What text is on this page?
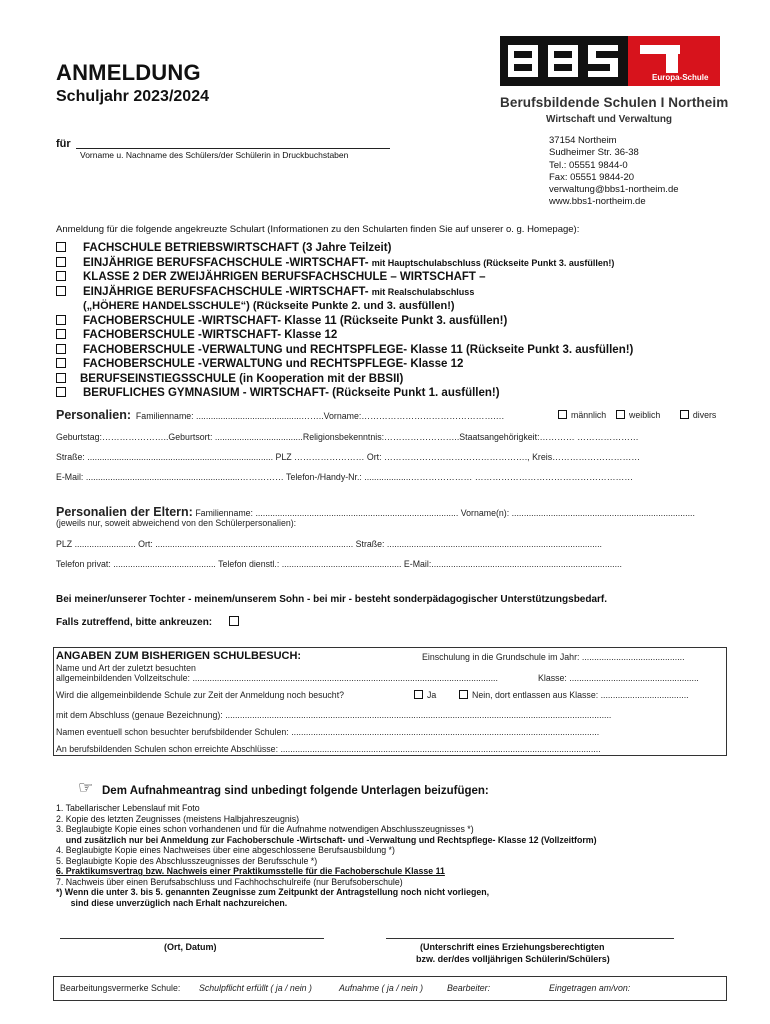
ANMELDUNG
Schuljahr 2023/2024
Europa-Schule
Berufsbildende Schulen I Northeim
Wirtschaft und Verwaltung
für
Vorname u. Nachname des Schülers/der Schülerin in Druckbuchstaben
37154 Northeim
Sudheimer Str. 36-38
Tel.: 05551 9844-0
Fax: 05551 9844-20
verwaltung@bbs1-northeim.de
www.bbs1-northeim.de
Anmeldung für die folgende angekreuzte Schulart (Informationen zu den Schularten finden Sie auf unserer o. g. Homepage):
FACHSCHULE BETRIEBSWIRTSCHAFT (3 Jahre Teilzeit)
EINJÄHRIGE BERUFSFACHSCHULE -WIRTSCHAFT- mit Hauptschulabschluss (Rückseite Punkt 3. ausfüllen!)
KLASSE 2 DER ZWEIJÄHRIGEN BERUFSFACHSCHULE – WIRTSCHAFT –
EINJÄHRIGE BERUFSFACHSCHULE -WIRTSCHAFT- mit Realschulabschluss
(„HÖHERE HANDELSSCHULE“) (Rückseite Punkte 2. und 3. ausfüllen!)
FACHOBERSCHULE -WIRTSCHAFT- Klasse 11 (Rückseite Punkt 3. ausfüllen!)
FACHOBERSCHULE -WIRTSCHAFT- Klasse 12
FACHOBERSCHULE -VERWALTUNG und RECHTSPFLEGE- Klasse 11 (Rückseite Punkt 3. ausfüllen!)
FACHOBERSCHULE -VERWALTUNG und RECHTSPFLEGE- Klasse 12
BERUFSEINSTIEGSSCHULE (in Kooperation mit der BBSII)
BERUFLICHES GYMNASIUM - WIRTSCHAFT- (Rückseite Punkt 1. ausfüllen!)
Personalien: Familienname: ...........................................……..Vorname:……………………………………….…	männlich	weiblich	divers
Geburtstag:…………………..Geburtsort: ....................................Religionsbekenntnis:……………………..Staatsangehörigkeit:………… …………………
Straße: ............................................................................ PLZ …………………… Ort: …………………………………………., Kreis…………………………
E-Mail: ...............................................................…………… Telefon-/Handy-Nr.: ...................………………… ………………………………………………
Personalien der Eltern: Familienname: ................................................................................... Vorname(n): ...........................................................................
(jeweils nur, soweit abweichend von den Schülerpersonalien):
PLZ ......................... Ort: ................................................................................. Straße: ........................................................................................
Telefon privat: .......................................... Telefon dienstl.: ................................................. E-Mail:..............................................................................
Bei meiner/unserer Tochter - meinem/unserem Sohn - bei mir - besteht sonderpädagogischer Unterstützungsbedarf.
Falls zutreffend, bitte ankreuzen:
ANGABEN ZUM BISHERIGEN SCHULBESUCH:	Einschulung in die Grundschule im Jahr: ..........................................
Name und Art der zuletzt besuchten
allgemeinbildenden Vollzeitschule: .............................................................................................................................	Klasse: .....................................................
Wird die allgemeinbildende Schule zur Zeit der Anmeldung noch besucht?	Ja	Nein, dort entlassen aus Klasse: ....................................
mit dem Abschluss (genaue Bezeichnung): ..............................................................................................................................................................
Namen eventuell schon besuchter berufsbildender Schulen: ..............................................................................................................................
An berufsbildenden Schulen schon erreichte Abschlüsse: ...................................................................................................................................
☞ Dem Aufnahmeantrag sind unbedingt folgende Unterlagen beizufügen:
1. Tabellarischer Lebenslauf mit Foto
2. Kopie des letzten Zeugnisses (meistens Halbjahreszeugnis)
3. Beglaubigte Kopie eines schon vorhandenen und für die Aufnahme notwendigen Abschlusszeugnisses *)
und zusätzlich nur bei Anmeldung zur Fachoberschule -Wirtschaft- und -Verwaltung und Rechtspflege- Klasse 12 (Vollzeitform)
4. Beglaubigte Kopie eines Nachweises über eine abgeschlossene Berufsausbildung *)
5. Beglaubigte Kopie des Abschlusszeugnisses der Berufsschule *)
6. Praktikumsvertrag bzw. Nachweis einer Praktikumsstelle für die Fachoberschule Klasse 11
7. Nachweis über einen Berufsabschluss und Fachhochschulreife (nur Berufsoberschule)
*) Wenn die unter 3. bis 5. genannten Zeugnisse zum Zeitpunkt der Antragstellung noch nicht vorliegen,
sind diese unverzüglich nach Erhalt nachzureichen.
(Ort, Datum)	(Unterschrift eines Erziehungsberechtigten
bzw. der/des volljährigen Schülerin/Schülers)
Bearbeitungsvermerke Schule: Schulpflicht erfüllt ( ja / nein )	Aufnahme ( ja / nein )	Bearbeiter:	Eingetragen am/von:
